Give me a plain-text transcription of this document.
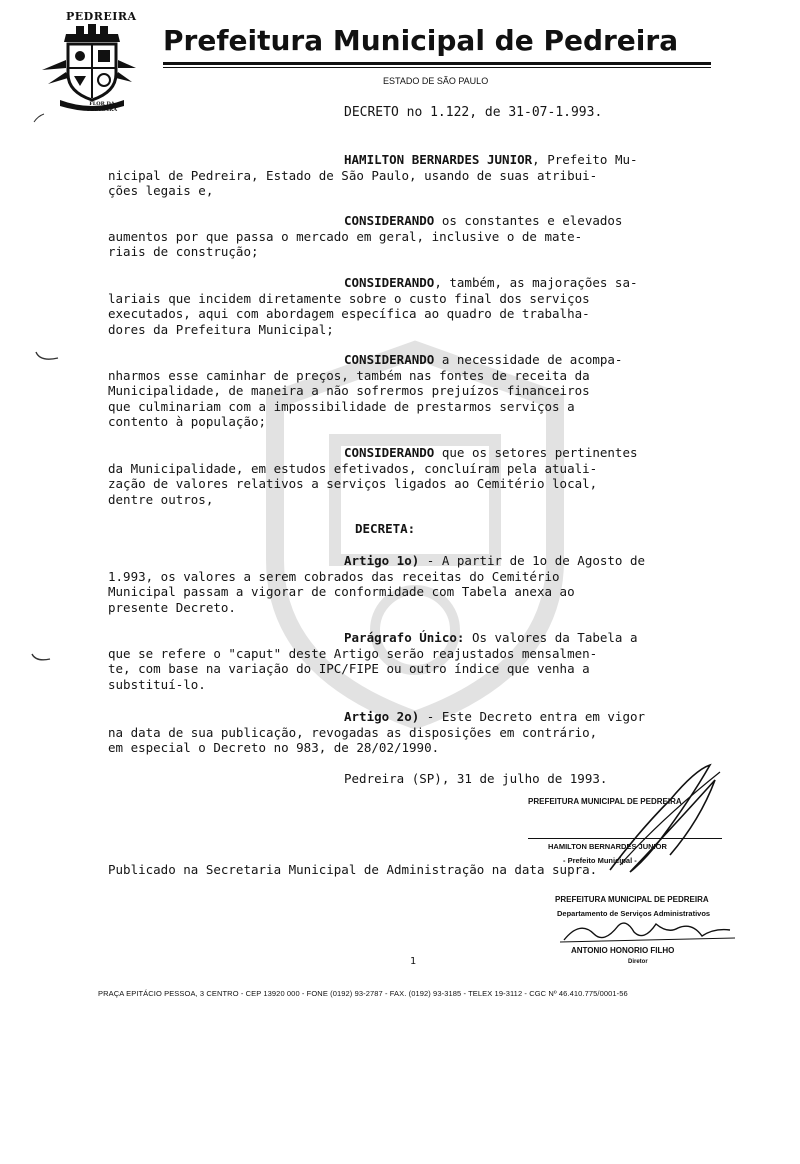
PEDREIRA
FLOR DA PEDREIRA
Prefeitura Municipal de Pedreira
ESTADO DE SÃO PAULO
DECRETO no 1.122, de 31-07-1.993.
HAMILTON BERNARDES JUNIOR, Prefeito Mu-
nicipal de Pedreira, Estado de São Paulo, usando de suas atribui-
ções legais e,
CONSIDERANDO os constantes e elevados
aumentos por que passa o mercado em geral, inclusive o de mate-
riais de construção;
CONSIDERANDO, também, as majorações sa-
lariais que incidem diretamente sobre o custo final dos serviços
executados, aqui com abordagem específica ao quadro de trabalha-
dores da Prefeitura Municipal;
CONSIDERANDO a necessidade de acompa-
nharmos esse caminhar de preços, também nas fontes de receita da
Municipalidade, de maneira a não sofrermos prejuízos financeiros
que culminariam com a impossibilidade de prestarmos serviços a
contento à população;
CONSIDERANDO que os setores pertinentes
da Municipalidade, em estudos efetivados, concluíram pela atuali-
zação de valores relativos a serviços ligados ao Cemitério local,
dentre outros,
DECRETA:
Artigo 1o) - A partir de 1o de Agosto de
1.993, os valores a serem cobrados das receitas do Cemitério
Municipal passam a vigorar de conformidade com Tabela anexa ao
presente Decreto.
Parágrafo Único: Os valores da Tabela a
que se refere o "caput" deste Artigo serão reajustados mensalmen-
te, com base na variação do IPC/FIPE ou outro índice que venha a
substituí-lo.
Artigo 2o) - Este Decreto entra em vigor
na data de sua publicação, revogadas as disposições em contrário,
em especial o Decreto no 983, de 28/02/1990.
Pedreira (SP), 31 de julho de 1993.
PREFEITURA MUNICIPAL DE PEDREIRA
HAMILTON BERNARDES JUNIOR
- Prefeito Municipal -
Publicado na Secretaria Municipal de Administração na data supra.
PREFEITURA MUNICIPAL DE PEDREIRA
Departamento de Serviços Administrativos
ANTONIO HONORIO FILHO
Diretor
1
PRAÇA EPITÁCIO PESSOA, 3 CENTRO - CEP 13920 000 - FONE (0192) 93-2787 - FAX. (0192) 93-3185 - TELEX 19-3112 - CGC Nº 46.410.775/0001-56
